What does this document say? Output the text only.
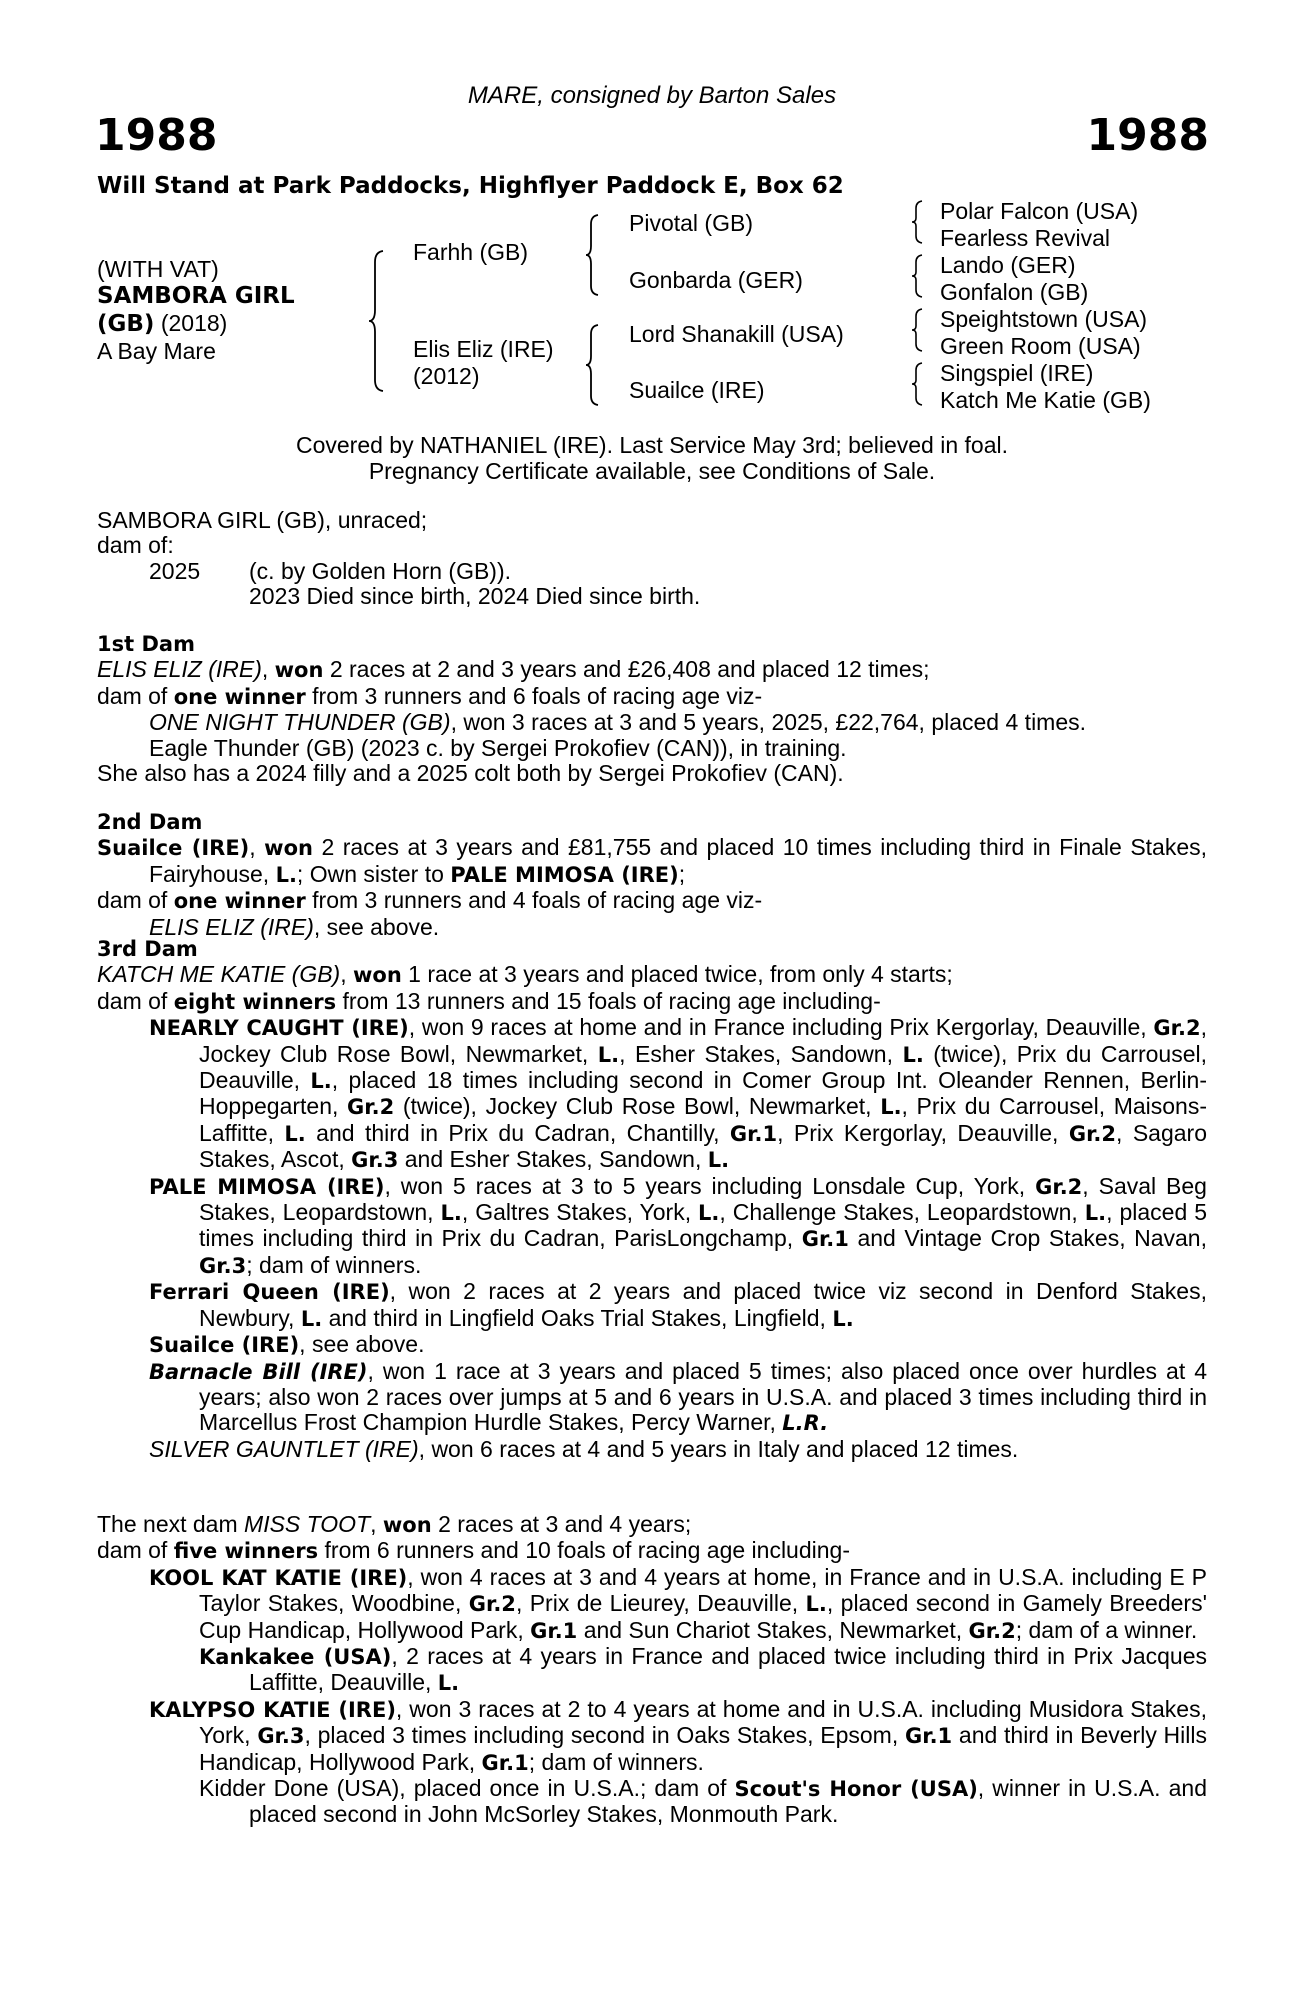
MARE, consigned by Barton Sales
1988	1988
Will Stand at Park Paddocks, Highflyer Paddock E, Box 62
(WITH VAT)
SAMBORA GIRL
(GB) (2018)
A Bay Mare
Farhh (GB)
Elis Eliz (IRE)
(2012)
Pivotal (GB)
Gonbarda (GER)
Lord Shanakill (USA)
Suailce (IRE)
Polar Falcon (USA)
Fearless Revival
Lando (GER)
Gonfalon (GB)
Speightstown (USA)
Green Room (USA)
Singspiel (IRE)
Katch Me Katie (GB)
Covered by NATHANIEL (IRE). Last Service May 3rd; believed in foal.
Pregnancy Certificate available, see Conditions of Sale.

SAMBORA GIRL (GB), unraced;

dam of:

2025 (c. by Golden Horn (GB)).

2023 Died since birth, 2024 Died since birth.

1st Dam

ELIS ELIZ (IRE), won 2 races at 2 and 3 years and £26,408 and placed 12 times;

dam of one winner from 3 runners and 6 foals of racing age viz-

ONE NIGHT THUNDER (GB), won 3 races at 3 and 5 years, 2025, £22,764, placed 4 times.

Eagle Thunder (GB) (2023 c. by Sergei Prokofiev (CAN)), in training.

She also has a 2024 filly and a 2025 colt both by Sergei Prokofiev (CAN).

2nd Dam

Suailce (IRE), won 2 races at 3 years and £81,755 and placed 10 times including third in Finale Stakes, Fairyhouse, L.; Own sister to PALE MIMOSA (IRE);

dam of one winner from 3 runners and 4 foals of racing age viz-

ELIS ELIZ (IRE), see above.

3rd Dam

KATCH ME KATIE (GB), won 1 race at 3 years and placed twice, from only 4 starts;

dam of eight winners from 13 runners and 15 foals of racing age including-

NEARLY CAUGHT (IRE), won 9 races at home and in France including Prix Kergorlay, Deauville, Gr.2, Jockey Club Rose Bowl, Newmarket, L., Esher Stakes, Sandown, L. (twice), Prix du Carrousel, Deauville, L., placed 18 times including second in Comer Group Int. Oleander Rennen, Berlin-Hoppegarten, Gr.2 (twice), Jockey Club Rose Bowl, Newmarket, L., Prix du Carrousel, Maisons-Laffitte, L. and third in Prix du Cadran, Chantilly, Gr.1, Prix Kergorlay, Deauville, Gr.2, Sagaro Stakes, Ascot, Gr.3 and Esher Stakes, Sandown, L.

PALE MIMOSA (IRE), won 5 races at 3 to 5 years including Lonsdale Cup, York, Gr.2, Saval Beg Stakes, Leopardstown, L., Galtres Stakes, York, L., Challenge Stakes, Leopardstown, L., placed 5 times including third in Prix du Cadran, ParisLongchamp, Gr.1 and Vintage Crop Stakes, Navan, Gr.3; dam of winners.

Ferrari Queen (IRE), won 2 races at 2 years and placed twice viz second in Denford Stakes, Newbury, L. and third in Lingfield Oaks Trial Stakes, Lingfield, L.

Suailce (IRE), see above.

Barnacle Bill (IRE), won 1 race at 3 years and placed 5 times; also placed once over hurdles at 4 years; also won 2 races over jumps at 5 and 6 years in U.S.A. and placed 3 times including third in Marcellus Frost Champion Hurdle Stakes, Percy Warner, L.R.

SILVER GAUNTLET (IRE), won 6 races at 4 and 5 years in Italy and placed 12 times.

The next dam MISS TOOT, won 2 races at 3 and 4 years;

dam of five winners from 6 runners and 10 foals of racing age including-

KOOL KAT KATIE (IRE), won 4 races at 3 and 4 years at home, in France and in U.S.A. including E P Taylor Stakes, Woodbine, Gr.2, Prix de Lieurey, Deauville, L., placed second in Gamely Breeders' Cup Handicap, Hollywood Park, Gr.1 and Sun Chariot Stakes, Newmarket, Gr.2; dam of a winner.

Kankakee (USA), 2 races at 4 years in France and placed twice including third in Prix Jacques Laffitte, Deauville, L.

KALYPSO KATIE (IRE), won 3 races at 2 to 4 years at home and in U.S.A. including Musidora Stakes, York, Gr.3, placed 3 times including second in Oaks Stakes, Epsom, Gr.1 and third in Beverly Hills Handicap, Hollywood Park, Gr.1; dam of winners.

Kidder Done (USA), placed once in U.S.A.; dam of Scout's Honor (USA), winner in U.S.A. and placed second in John McSorley Stakes, Monmouth Park.
